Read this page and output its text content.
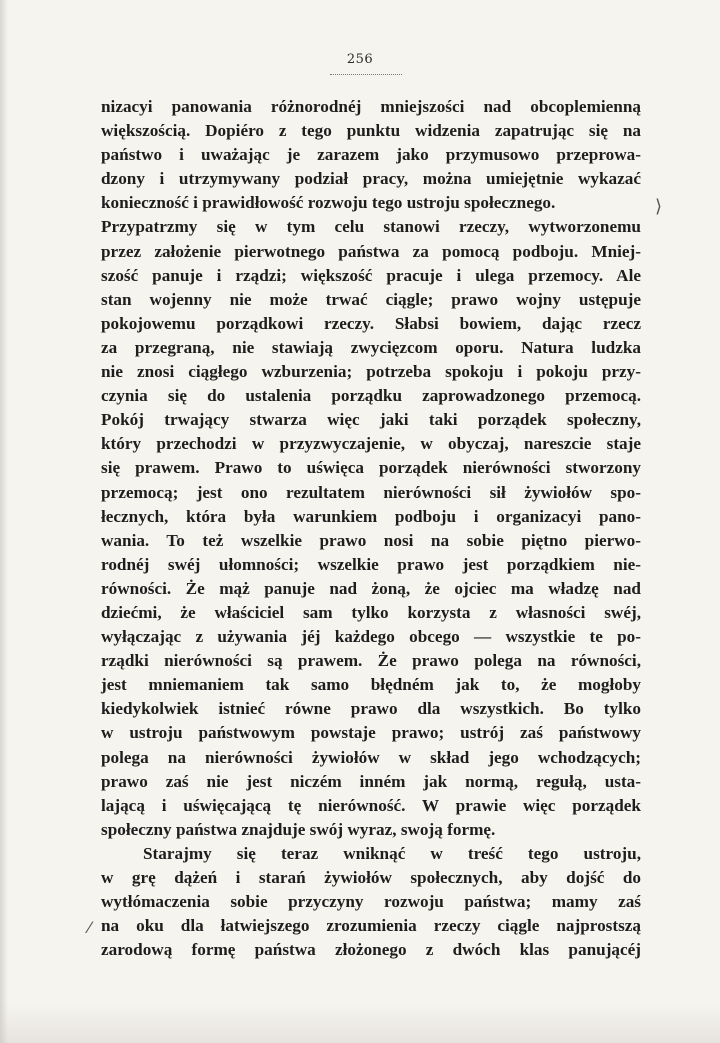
256
nizacyi panowania różnorodnéj mniejszości nad obcoplemienną
większością. Dopiéro z tego punktu widzenia zapatrując się na
państwo i uważając je zarazem jako przymusowo przeprowa-
dzony i utrzymywany podział pracy, można umiejętnie wykazać
konieczność i prawidłowość rozwoju tego ustroju społecznego.
Przypatrzmy się w tym celu stanowi rzeczy, wytworzonemu
przez założenie pierwotnego państwa za pomocą podboju. Mniej-
szość panuje i rządzi; większość pracuje i ulega przemocy. Ale
stan wojenny nie może trwać ciągle; prawo wojny ustępuje
pokojowemu porządkowi rzeczy. Słabsi bowiem, dając rzecz
za przegraną, nie stawiają zwycięzcom oporu. Natura ludzka
nie znosi ciągłego wzburzenia; potrzeba spokoju i pokoju przy-
czynia się do ustalenia porządku zaprowadzonego przemocą.
Pokój trwający stwarza więc jaki taki porządek społeczny,
który przechodzi w przyzwyczajenie, w obyczaj, nareszcie staje
się prawem. Prawo to uświęca porządek nierówności stworzony
przemocą; jest ono rezultatem nierówności sił żywiołów spo-
łecznych, która była warunkiem podboju i organizacyi pano-
wania. To też wszelkie prawo nosi na sobie piętno pierwo-
rodnéj swéj ułomności; wszelkie prawo jest porządkiem nie-
równości. Że mąż panuje nad żoną, że ojciec ma władzę nad
dziećmi, że właściciel sam tylko korzysta z własności swéj,
wyłączając z używania jéj każdego obcego — wszystkie te po-
rządki nierówności są prawem. Że prawo polega na równości,
jest mniemaniem tak samo błędném jak to, że mogłoby
kiedykolwiek istnieć równe prawo dla wszystkich. Bo tylko
w ustroju państwowym powstaje prawo; ustrój zaś państwowy
polega na nierówności żywiołów w skład jego wchodzących;
prawo zaś nie jest niczém inném jak normą, regułą, usta-
lającą i uświęcającą tę nierówność. W prawie więc porządek
społeczny państwa znajduje swój wyraz, swoją formę.
Starajmy się teraz wniknąć w treść tego ustroju,
w grę dążeń i starań żywiołów społecznych, aby dojść do
wytłómaczenia sobie przyczyny rozwoju państwa; mamy zaś
na oku dla łatwiejszego zrozumienia rzeczy ciągle najprostszą
zarodową formę państwa złożonego z dwóch klas panującéj
⟩
⁄
